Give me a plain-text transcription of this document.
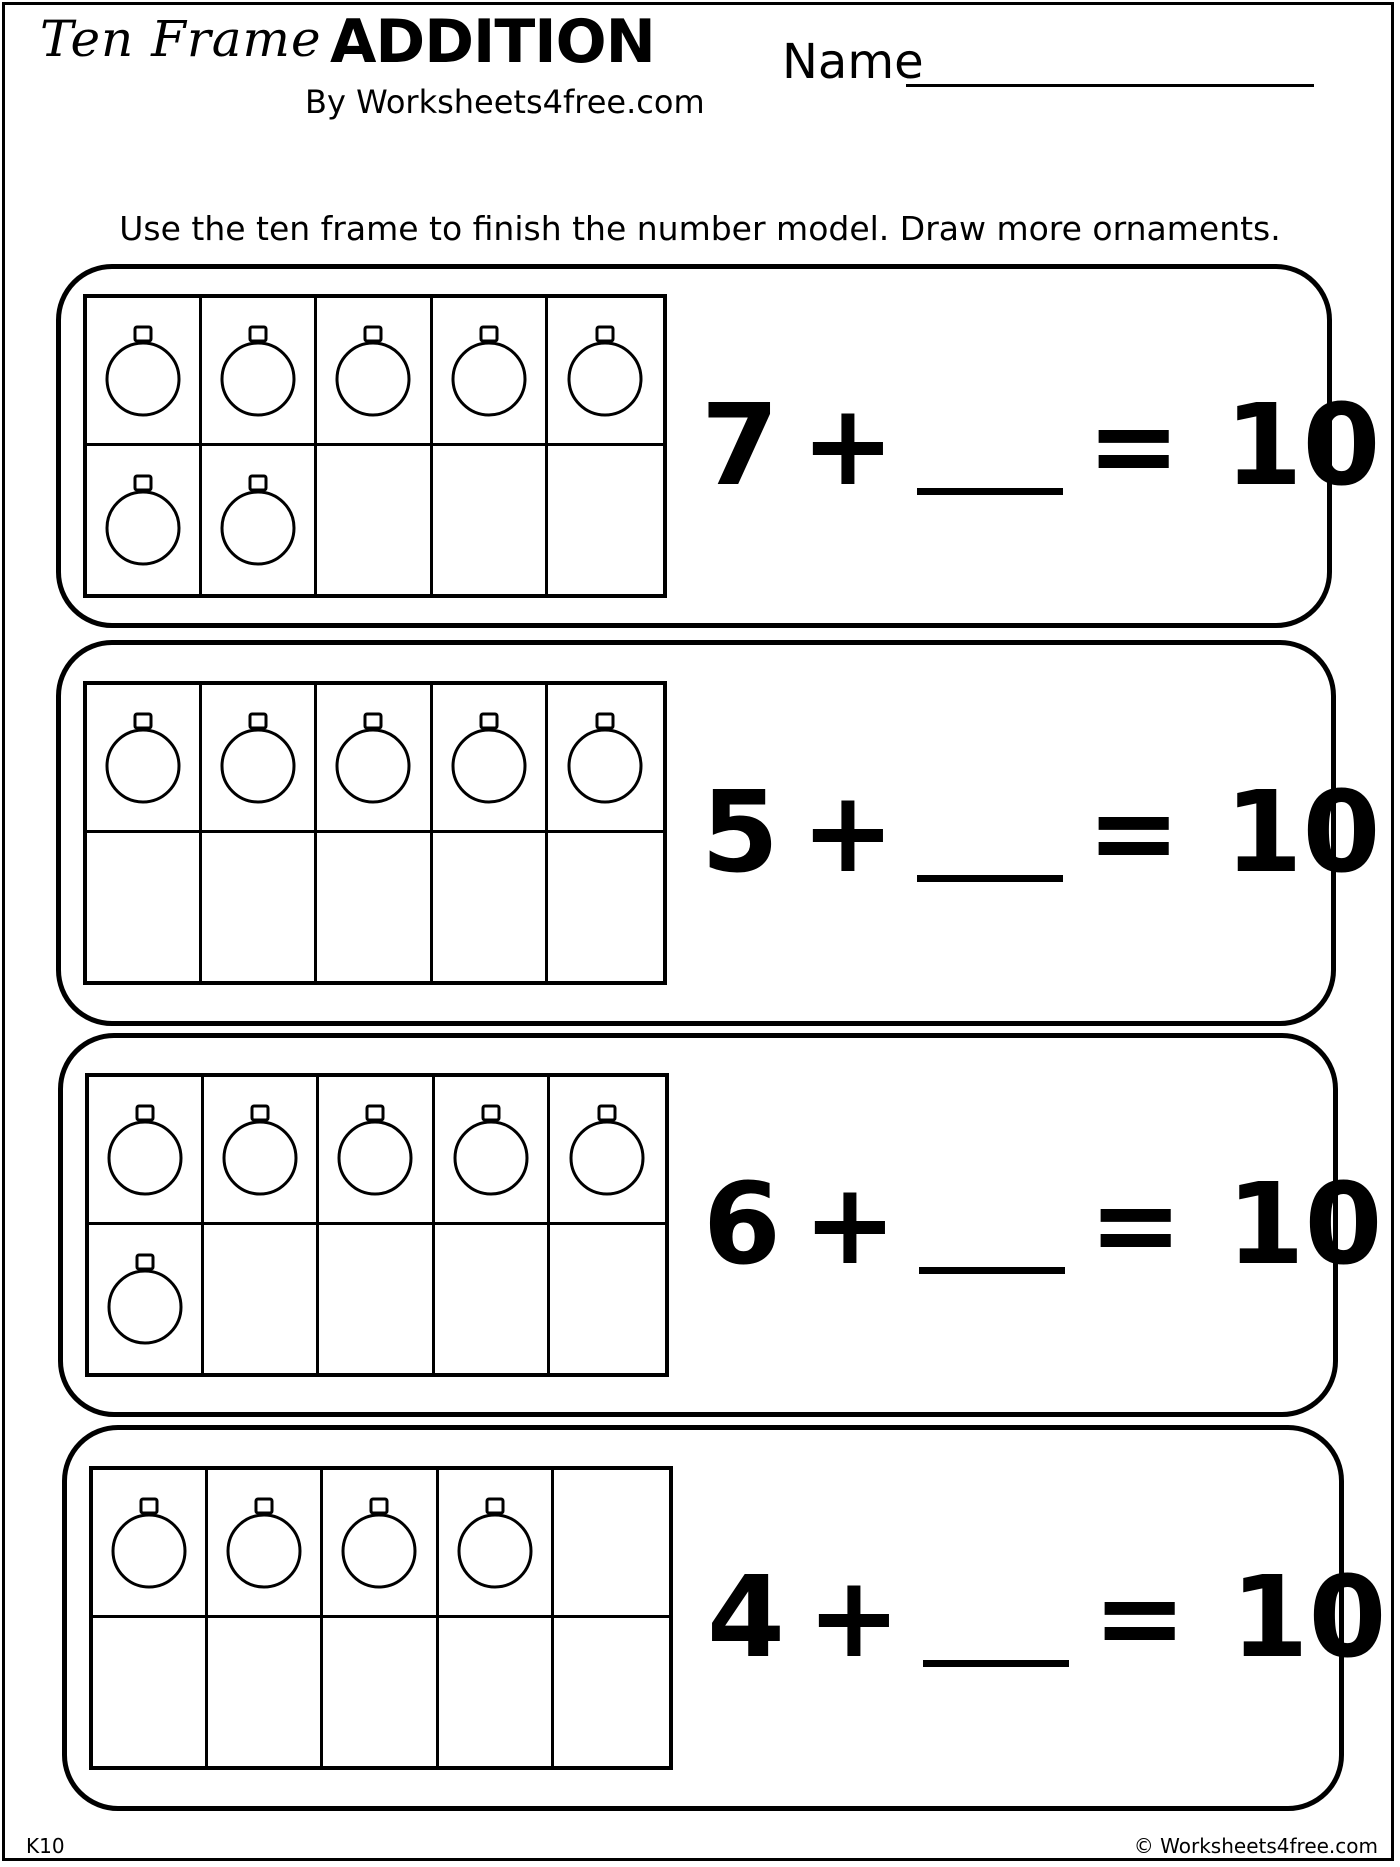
Ten Frame ADDITION
By Worksheets4free.com
Name
Use the ten frame to finish the number model. Draw more ornaments.
7 + = 10
5 + = 10
6 + = 10
4 + = 10
K10	© Worksheets4free.com
